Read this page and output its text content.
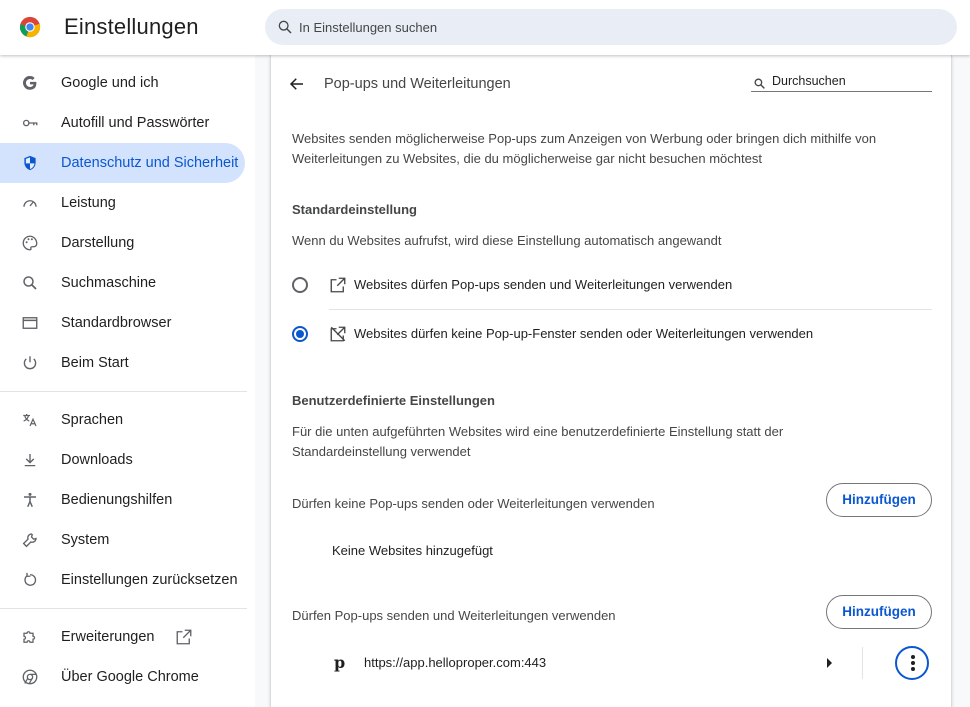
Einstellungen	In Einstellungen suchen
Google und ich
Autofill und Passwörter
Datenschutz und Sicherheit
Leistung
Darstellung
Suchmaschine
Standardbrowser
Beim Start
Sprachen
Downloads
Bedienungshilfen
System
Einstellungen zurücksetzen
Erweiterungen
Über Google Chrome
Pop-ups und Weiterleitungen	Durchsuchen
Websites senden möglicherweise Pop-ups zum Anzeigen von Werbung oder bringen dich mithilfe von Weiterleitungen zu Websites, die du möglicherweise gar nicht besuchen möchtest
Standardeinstellung
Wenn du Websites aufrufst, wird diese Einstellung automatisch angewandt
Websites dürfen Pop-ups senden und Weiterleitungen verwenden
Websites dürfen keine Pop-up-Fenster senden oder Weiterleitungen verwenden
Benutzerdefinierte Einstellungen
Für die unten aufgeführten Websites wird eine benutzerdefinierte Einstellung statt der Standardeinstellung verwendet
Dürfen keine Pop-ups senden oder Weiterleitungen verwenden	Hinzufügen
Keine Websites hinzugefügt
Dürfen Pop-ups senden und Weiterleitungen verwenden	Hinzufügen
p https://app.helloproper.com:443
